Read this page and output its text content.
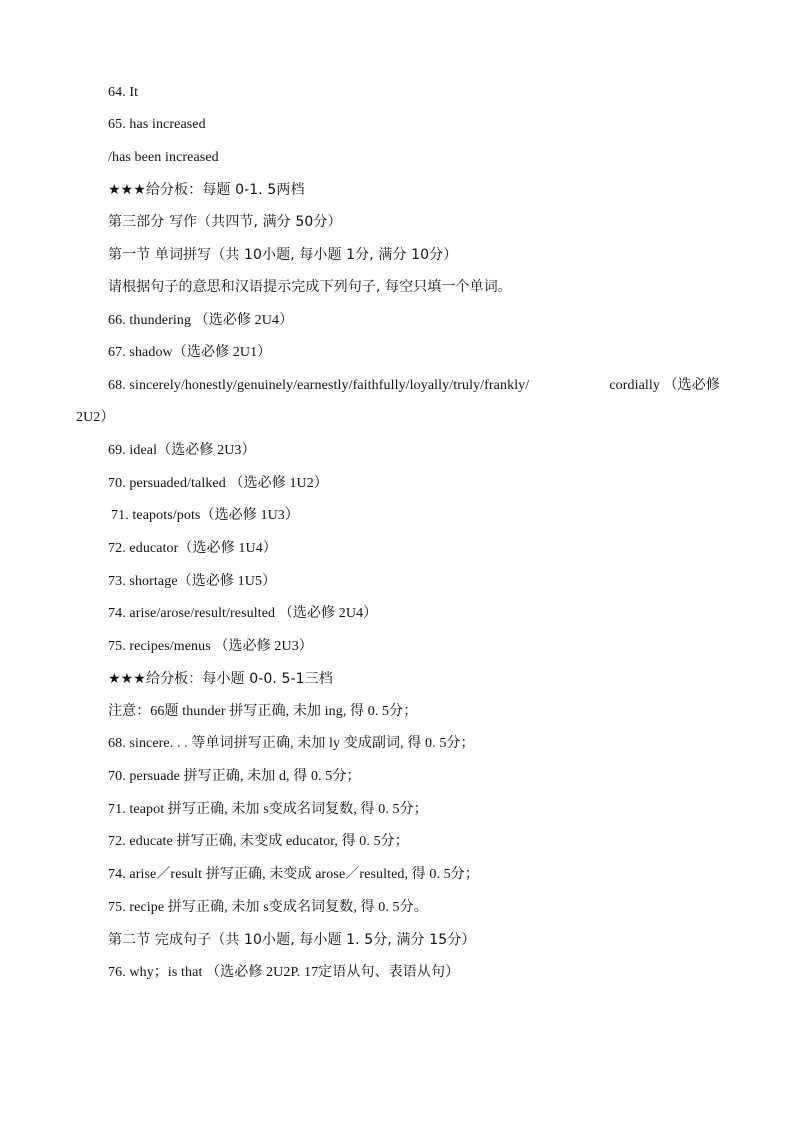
64. It
65. has increased
/has been increased
★★★给分板：每题 0-1. 5两档
第三部分 写作（共四节, 满分 50分）
第一节 单词拼写（共 10小题, 每小题 1分, 满分 10分）
请根据句子的意思和汉语提示完成下列句子, 每空只填一个单词。
66. thundering （选必修 2U4）
67. shadow（选必修 2U1）
68. sincerely/honestly/genuinely/earnestly/faithfully/loyally/truly/frankly/	cordially （选必修
2U2）
69. ideal（选必修 2U3）
70. persuaded/talked （选必修 1U2）
71. teapots/pots（选必修 1U3）
72. educator（选必修 1U4）
73. shortage（选必修 1U5）
74. arise/arose/result/resulted （选必修 2U4）
75. recipes/menus （选必修 2U3）
★★★给分板：每小题 0-0. 5-1三档
注意：66题 thunder 拼写正确, 未加 ing, 得 0. 5分；
68. sincere. . . 等单词拼写正确, 未加 ly 变成副词, 得 0. 5分；
70. persuade 拼写正确, 未加 d, 得 0. 5分；
71. teapot 拼写正确, 未加 s变成名词复数, 得 0. 5分；
72. educate 拼写正确, 未变成 educator, 得 0. 5分；
74. arise／result 拼写正确, 未变成 arose／resulted, 得 0. 5分；
75. recipe 拼写正确, 未加 s变成名词复数, 得 0. 5分。
第二节 完成句子（共 10小题, 每小题 1. 5分, 满分 15分）
76. why；is that （选必修 2U2P. 17定语从句、表语从句）
